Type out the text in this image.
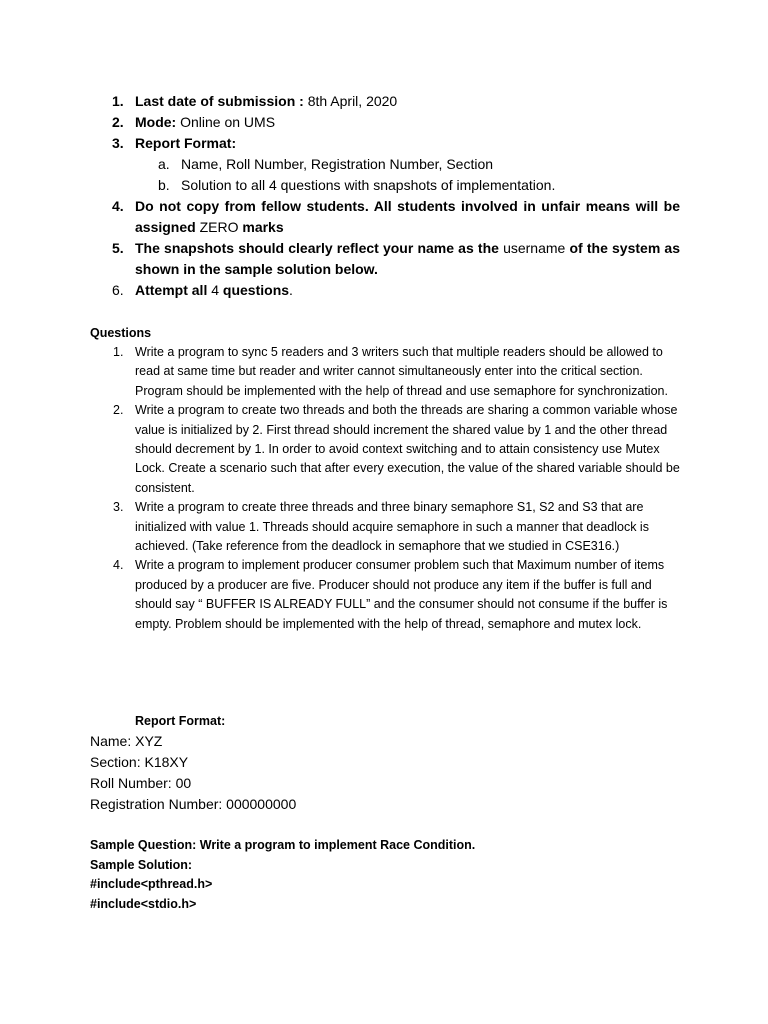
1. Last date of submission : 8th April, 2020
2. Mode: Online on UMS
3. Report Format:
a. Name, Roll Number, Registration Number, Section
b. Solution to all 4 questions with snapshots of implementation.
4. Do not copy from fellow students. All students involved in unfair means will be assigned ZERO marks
5. The snapshots should clearly reflect your name as the username of the system as shown in the sample solution below.
6. Attempt all 4 questions.
Questions
1. Write a program to sync 5 readers and 3 writers such that multiple readers should be allowed to read at same time but reader and writer cannot simultaneously enter into the critical section. Program should be implemented with the help of thread and use semaphore for synchronization.
2. Write a program to create two threads and both the threads are sharing a common variable whose value is initialized by 2. First thread should increment the shared value by 1 and the other thread should decrement by 1. In order to avoid context switching and to attain consistency use Mutex Lock. Create a scenario such that after every execution, the value of the shared variable should be consistent.
3. Write a program to create three threads and three binary semaphore S1, S2 and S3 that are initialized with value 1. Threads should acquire semaphore in such a manner that deadlock is achieved. (Take reference from the deadlock in semaphore that we studied in CSE316.)
4. Write a program to implement producer consumer problem such that Maximum number of items produced by a producer are five. Producer should not produce any item if the buffer is full and should say “ BUFFER IS ALREADY FULL” and the consumer should not consume if the buffer is empty. Problem should be implemented with the help of thread, semaphore and mutex lock.
Report Format:
Name: XYZ
Section: K18XY
Roll Number: 00
Registration Number: 000000000
Sample Question: Write a program to implement Race Condition.
Sample Solution:
#include<pthread.h>
#include<stdio.h>
